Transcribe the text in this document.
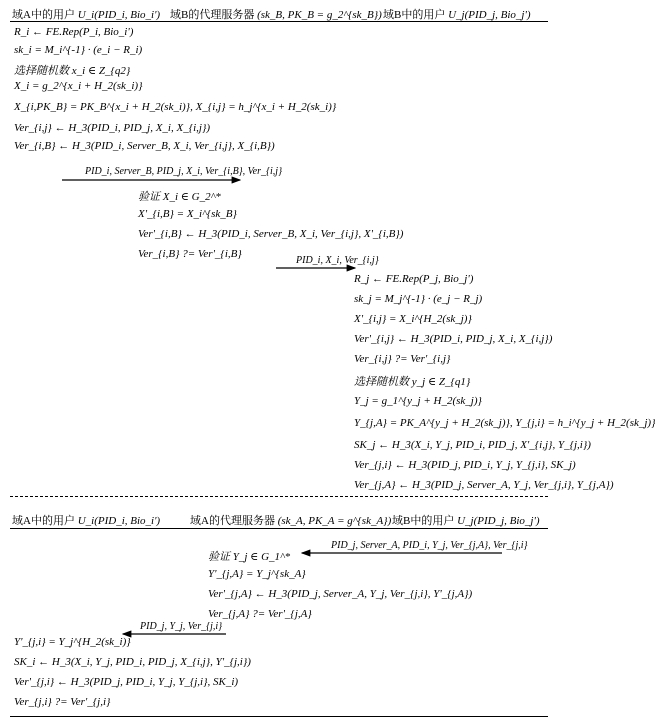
域A中的用户 U_i(PID_i, Bio_i') 域B的代理服务器 (sk_B, PK_B = g_2^{sk_B}) 域B中的用户 U_j(PID_j, Bio_j')
R_i ← FE.Rep(P_i, Bio_i')
sk_i = M_i^{-1} · (e_i − R_i)
选择随机数 x_i ∈ Z_{q2}
X_i = g_2^{x_i + H_2(sk_i)}
X_{i,PK_B} = PK_B^{x_i + H_2(sk_i)}, X_{i,j} = h_j^{x_i + H_2(sk_i)}
Ver_{i,j} ← H_3(PID_i, PID_j, X_i, X_{i,j})
Ver_{i,B} ← H_3(PID_i, Server_B, X_i, Ver_{i,j}, X_{i,B})
PID_i, Server_B, PID_j, X_i, Ver_{i,B}, Ver_{i,j}
验证 X_i ∈ G_2^*
X'_{i,B} = X_i^{sk_B}
Ver'_{i,B} ← H_3(PID_i, Server_B, X_i, Ver_{i,j}, X'_{i,B})
Ver_{i,B} ?= Ver'_{i,B}
PID_i, X_i, Ver_{i,j}
R_j ← FE.Rep(P_j, Bio_j')
sk_j = M_j^{-1} · (e_j − R_j)
X'_{i,j} = X_i^{H_2(sk_j)}
Ver'_{i,j} ← H_3(PID_i, PID_j, X_i, X_{i,j})
Ver_{i,j} ?= Ver'_{i,j}
选择随机数 y_j ∈ Z_{q1}
Y_j = g_1^{y_j + H_2(sk_j)}
Y_{j,A} = PK_A^{y_j + H_2(sk_j)}, Y_{j,i} = h_i^{y_j + H_2(sk_j)}
SK_j ← H_3(X_i, Y_j, PID_i, PID_j, X'_{i,j}, Y_{j,i})
Ver_{j,i} ← H_3(PID_j, PID_i, Y_j, Y_{j,i}, SK_j)
Ver_{j,A} ← H_3(PID_j, Server_A, Y_j, Ver_{j,i}, Y_{j,A})
域A中的用户 U_i(PID_i, Bio_i')	域A的代理服务器 (sk_A, PK_A = g^{sk_A}) 域B中的用户 U_j(PID_j, Bio_j')
PID_j, Server_A, PID_i, Y_j, Ver_{j,A}, Ver_{j,i}
验证 Y_j ∈ G_1^*
Y'_{j,A} = Y_j^{sk_A}
Ver'_{j,A} ← H_3(PID_j, Server_A, Y_j, Ver_{j,i}, Y'_{j,A})
Ver_{j,A} ?= Ver'_{j,A}
PID_j, Y_j, Ver_{j,i}
Y'_{j,i} = Y_j^{H_2(sk_i)}
SK_i ← H_3(X_i, Y_j, PID_i, PID_j, X_{i,j}, Y'_{j,i})
Ver'_{j,i} ← H_3(PID_j, PID_i, Y_j, Y_{j,i}, SK_i)
Ver_{j,i} ?= Ver'_{j,i}
